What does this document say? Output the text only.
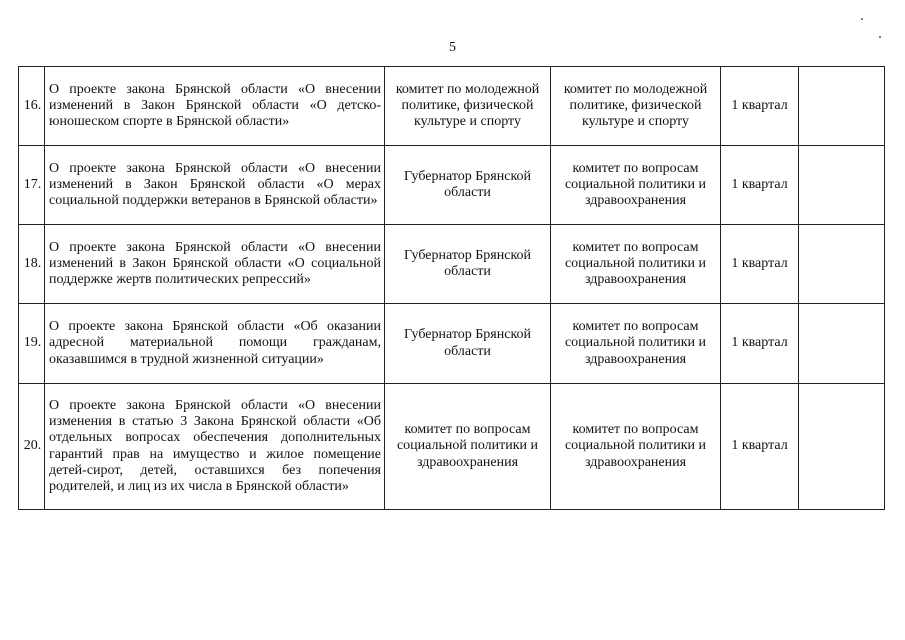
5
16.	О проекте закона Брянской области «О внесении изменений в Закон Брянской области «О детско-юношеском спорте в Брянской области»	комитет по молодежной политике, физической культуре и спорту	комитет по молодежной политике, физической культуре и спорту	1 квартал	
17.	О проекте закона Брянской области «О внесении изменений в Закон Брянской области «О мерах социальной поддержки ветеранов в Брянской области»	Губернатор Брянской области	комитет по вопросам социальной политики и здравоохранения	1 квартал	
18.	О проекте закона Брянской области «О внесении изменений в Закон Брянской области «О социальной поддержке жертв политических репрессий»	Губернатор Брянской области	комитет по вопросам социальной политики и здравоохранения	1 квартал	
19.	О проекте закона Брянской области «Об оказании адресной материальной помощи гражданам, оказавшимся в трудной жизненной ситуации»	Губернатор Брянской области	комитет по вопросам социальной политики и здравоохранения	1 квартал	
20.	О проекте закона Брянской области «О внесении изменения в статью 3 Закона Брянской области «Об отдельных вопросах обеспечения дополнительных гарантий прав на имущество и жилое помещение детей-сирот, детей, оставшихся без попечения родителей, и лиц из их числа в Брянской области»	комитет по вопросам социальной политики и здравоохранения	комитет по вопросам социальной политики и здравоохранения	1 квартал	
